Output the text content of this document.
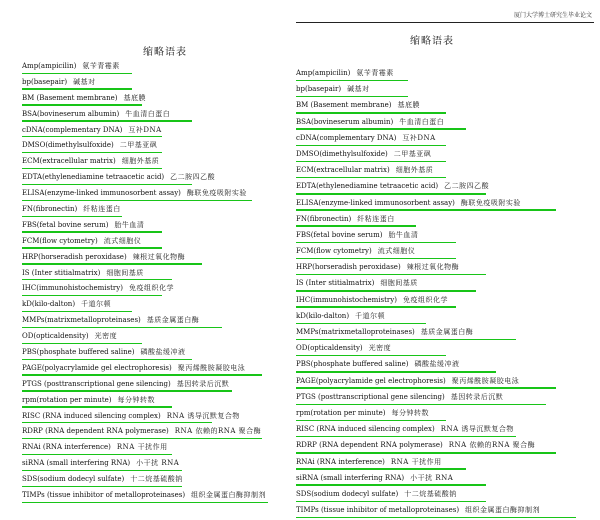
缩略语表
Amp(ampicilin) 氨苄青霉素
bp(basepair) 碱基对
BM (Basement membrane) 基底膜
BSA(bovineserum albumin) 牛血清白蛋白
cDNA(complementary DNA) 互补DNA
DMSO(dimethylsulfoxide) 二甲基亚砜
ECM(extracellular matrix) 细胞外基质
EDTA(ethylenediamine tetraacetic acid) 乙二胺四乙酸
ELISA(enzyme-linked immunosorbent assay) 酶联免疫吸附实验
FN(fibronectin) 纤粘连蛋白
FBS(fetal bovine serum) 胎牛血清
FCM(flow cytometry) 流式细胞仪
HRP(horseradish peroxidase) 辣根过氧化物酶
IS (Inter stitialmatrix) 细胞间基质
IHC(immunohistochemistry) 免疫组织化学
kD(kilo-dalton) 千道尔顿
MMPs(matrixmetalloproteinases) 基质金属蛋白酶
OD(opticaldensity) 光密度
PBS(phosphate buffered saline) 磷酸盐缓冲液
PAGE(polyacrylamide gel electrophoresis) 聚丙烯酰胺凝胶电泳
PTGS (posttranscriptional gene silencing) 基因转录后沉默
rpm(rotation per minute) 每分钟转数
RISC (RNA induced silencing complex) RNA 诱导沉默复合物
RDRP (RNA dependent RNA polymerase) RNA 依赖的RNA 聚合酶
RNAi (RNA interference) RNA 干扰作用
siRNA (small interfering RNA) 小干扰 RNA
SDS(sodium dodecyl sulfate) 十二烷基硫酸钠
TIMPs (tissue inhibitor of metalloproteinases) 组织金属蛋白酶抑制剂
厦门大学博士研究生毕业论文
缩略语表
Amp(ampicilin) 氨苄青霉素
bp(basepair) 碱基对
BM (Basement membrane) 基底膜
BSA(bovineserum albumin) 牛血清白蛋白
cDNA(complementary DNA) 互补DNA
DMSO(dimethylsulfoxide) 二甲基亚砜
ECM(extracellular matrix) 细胞外基质
EDTA(ethylenediamine tetraacetic acid) 乙二胺四乙酸
ELISA(enzyme-linked immunosorbent assay) 酶联免疫吸附实验
FN(fibronectin) 纤粘连蛋白
FBS(fetal bovine serum) 胎牛血清
FCM(flow cytometry) 流式细胞仪
HRP(horseradish peroxidase) 辣根过氧化物酶
IS (Inter stitialmatrix) 细胞间基质
IHC(immunohistochemistry) 免疫组织化学
kD(kilo-dalton) 千道尔顿
MMPs(matrixmetalloproteinases) 基质金属蛋白酶
OD(opticaldensity) 光密度
PBS(phosphate buffered saline) 磷酸盐缓冲液
PAGE(polyacrylamide gel electrophoresis) 聚丙烯酰胺凝胶电泳
PTGS (posttranscriptional gene silencing) 基因转录后沉默
rpm(rotation per minute) 每分钟转数
RISC (RNA induced silencing complex) RNA 诱导沉默复合物
RDRP (RNA dependent RNA polymerase) RNA 依赖的RNA 聚合酶
RNAi (RNA interference) RNA 干扰作用
siRNA (small interfering RNA) 小干扰 RNA
SDS(sodium dodecyl sulfate) 十二烷基硫酸钠
TIMPs (tissue inhibitor of metalloproteinases) 组织金属蛋白酶抑制剂
